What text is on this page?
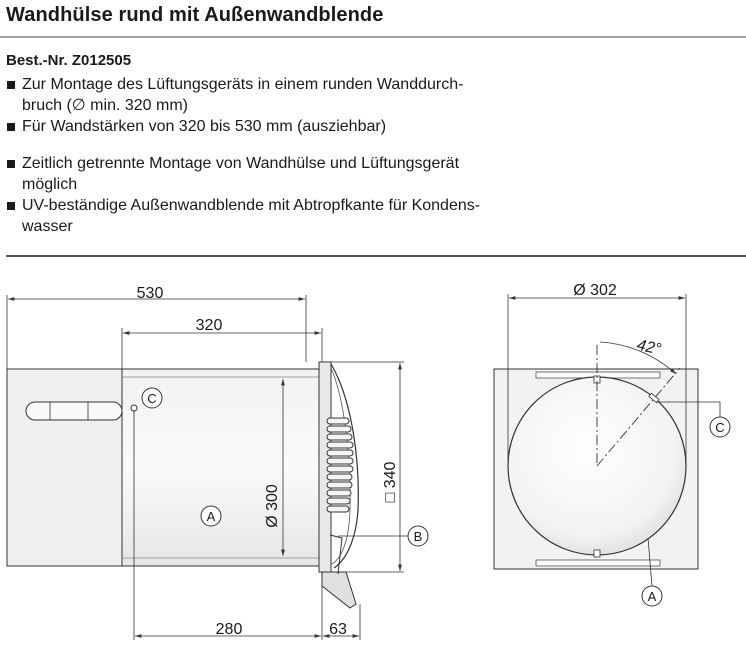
Wandhülse rund mit Außenwandblende
Best.-Nr. Z012505
Zur Montage des Lüftungsgeräts in einem runden Wanddurch-
bruch (∅ min. 320 mm)
Für Wandstärken von 320 bis 530 mm (ausziehbar)
Zeitlich getrennte Montage von Wandhülse und Lüftungsgerät
möglich
UV-beständige Außenwandblende mit Abtropfkante für Kondens-
wasser
530
320
Ø 300
□ 340
280	63
C
A
B
Ø 302
42°
C
A
